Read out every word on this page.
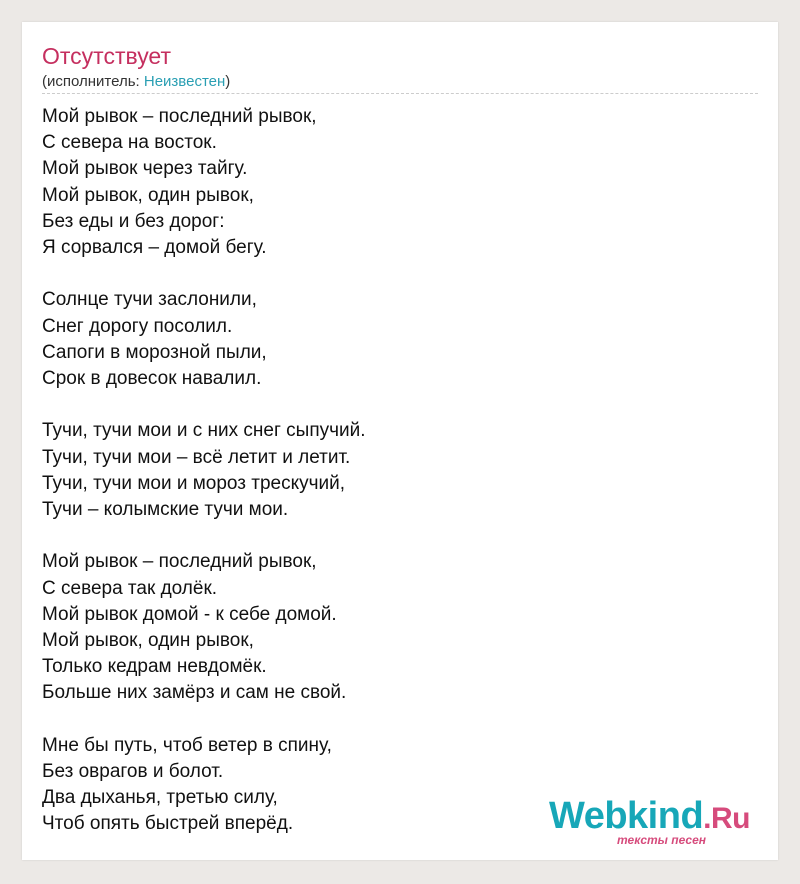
Отсутствует
(исполнитель: Неизвестен)
Мой рывок – последний рывок,
С севера на восток.
Мой рывок через тайгу.
Мой рывок, один рывок,
Без еды и без дорог:
Я сорвался – домой бегу.
Солнце тучи заслонили,
Снег дорогу посолил.
Сапоги в морозной пыли,
Срок в довесок навалил.
Тучи, тучи мои и с них снег сыпучий.
Тучи, тучи мои – всё летит и летит.
Тучи, тучи мои и мороз трескучий,
Тучи – колымские тучи мои.
Мой рывок – последний рывок,
С севера так долёк.
Мой рывок домой - к себе домой.
Мой рывок, один рывок,
Только кедрам невдомёк.
Больше них замёрз и сам не свой.
Мне бы путь, чтоб ветер в спину,
Без оврагов и болот.
Два дыханья, третью силу,
Чтоб опять быстрей вперёд.	Webkind.Ru
тексты песен
